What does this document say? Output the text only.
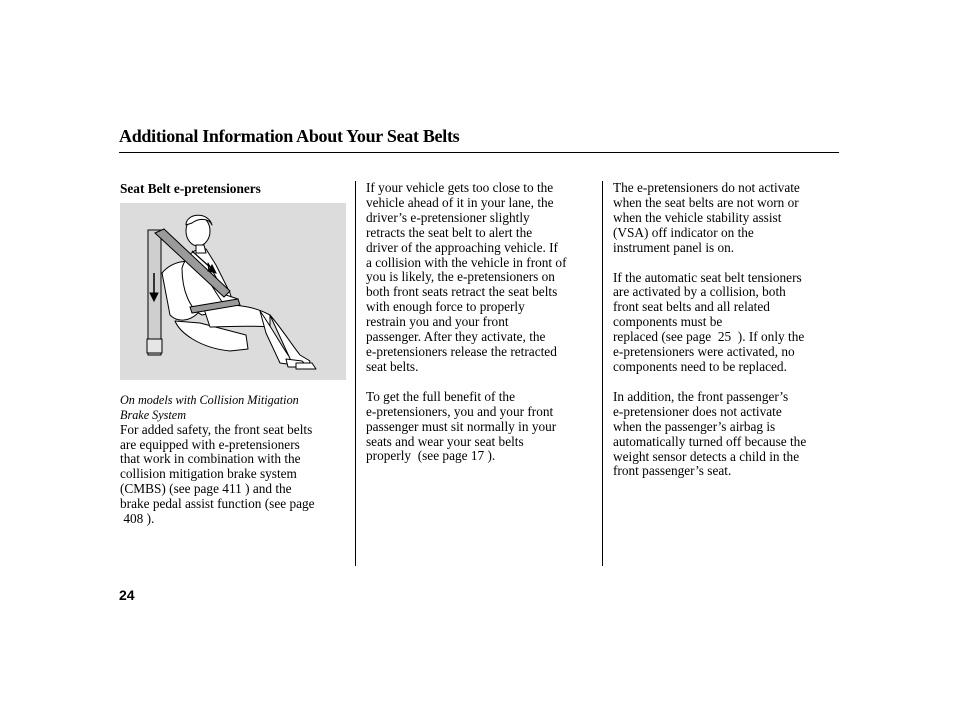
Additional Information About Your Seat Belts

Seat Belt e-pretensioners

On models with Collision Mitigation
Brake System

For added safety, the front seat belts
are equipped with e-pretensioners
that work in combination with the
collision mitigation brake system
(CMBS) (see page 411 ) and the
brake pedal assist function (see page
408 ).

If your vehicle gets too close to the
vehicle ahead of it in your lane, the
driver’s e-pretensioner slightly
retracts the seat belt to alert the
driver of the approaching vehicle. If
a collision with the vehicle in front of
you is likely, the e-pretensioners on
both front seats retract the seat belts
with enough force to properly
restrain you and your front
passenger. After they activate, the
e-pretensioners release the retracted
seat belts.

To get the full benefit of the
e-pretensioners, you and your front
passenger must sit normally in your
seats and wear your seat belts
properly  (see page 17 ).

The e-pretensioners do not activate
when the seat belts are not worn or
when the vehicle stability assist
(VSA) off indicator on the
instrument panel is on.

If the automatic seat belt tensioners
are activated by a collision, both
front seat belts and all related
components must be
replaced (see page  25  ). If only the
e-pretensioners were activated, no
components need to be replaced.

In addition, the front passenger’s
e-pretensioner does not activate
when the passenger’s airbag is
automatically turned off because the
weight sensor detects a child in the
front passenger’s seat.

24
